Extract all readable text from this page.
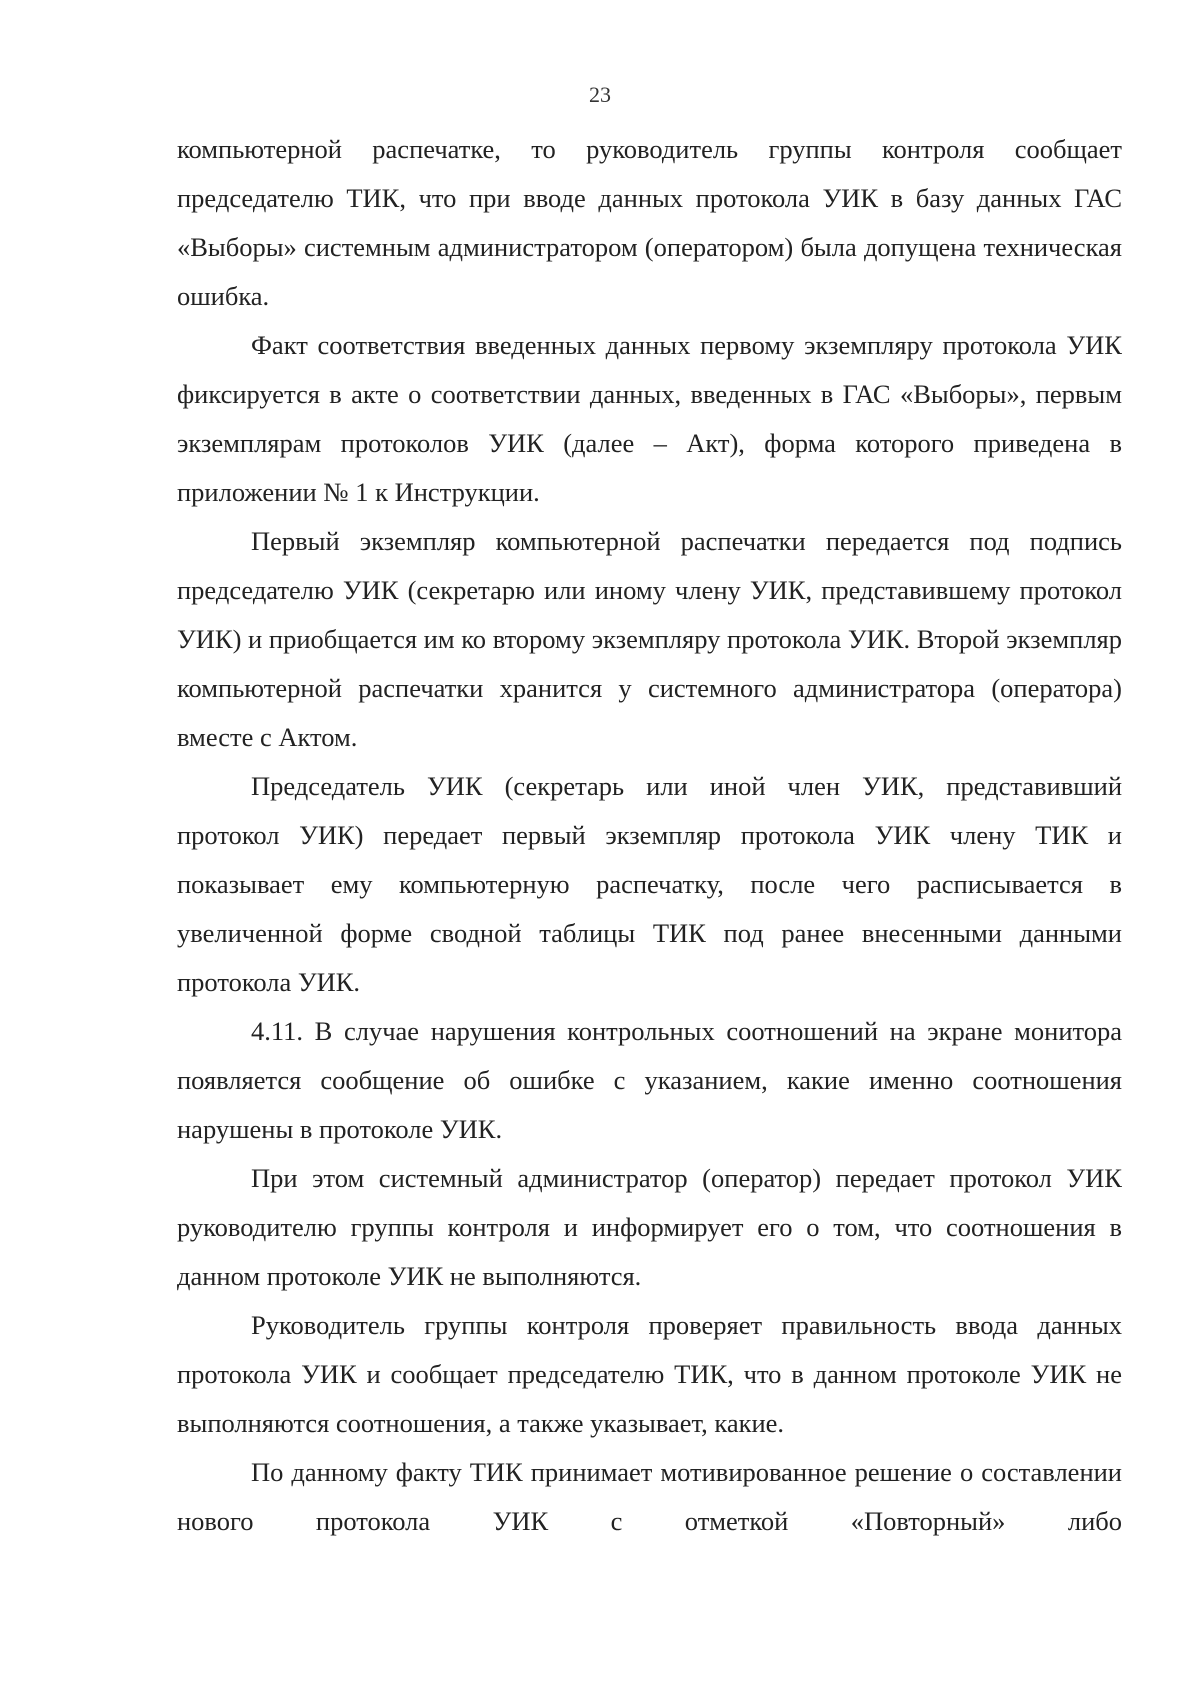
23

компьютерной распечатке, то руководитель группы контроля сообщает председателю ТИК, что при вводе данных протокола УИК в базу данных ГАС «Выборы» системным администратором (оператором) была допущена техническая ошибка.

Факт соответствия введенных данных первому экземпляру протокола УИК фиксируется в акте о соответствии данных, введенных в ГАС «Выборы», первым экземплярам протоколов УИК (далее – Акт), форма которого приведена в приложении № 1 к Инструкции.

Первый экземпляр компьютерной распечатки передается под подпись председателю УИК (секретарю или иному члену УИК, представившему протокол УИК) и приобщается им ко второму экземпляру протокола УИК. Второй экземпляр компьютерной распечатки хранится у системного администратора (оператора) вместе с Актом.

Председатель УИК (секретарь или иной член УИК, представивший протокол УИК) передает первый экземпляр протокола УИК члену ТИК и показывает ему компьютерную распечатку, после чего расписывается в увеличенной форме сводной таблицы ТИК под ранее внесенными данными протокола УИК.

4.11. В случае нарушения контрольных соотношений на экране монитора появляется сообщение об ошибке с указанием, какие именно соотношения нарушены в протоколе УИК.

При этом системный администратор (оператор) передает протокол УИК руководителю группы контроля и информирует его о том, что соотношения в данном протоколе УИК не выполняются.

Руководитель группы контроля проверяет правильность ввода данных протокола УИК и сообщает председателю ТИК, что в данном протоколе УИК не выполняются соотношения, а также указывает, какие.

По данному факту ТИК принимает мотивированное решение о составлении нового протокола УИК с отметкой «Повторный» либо
